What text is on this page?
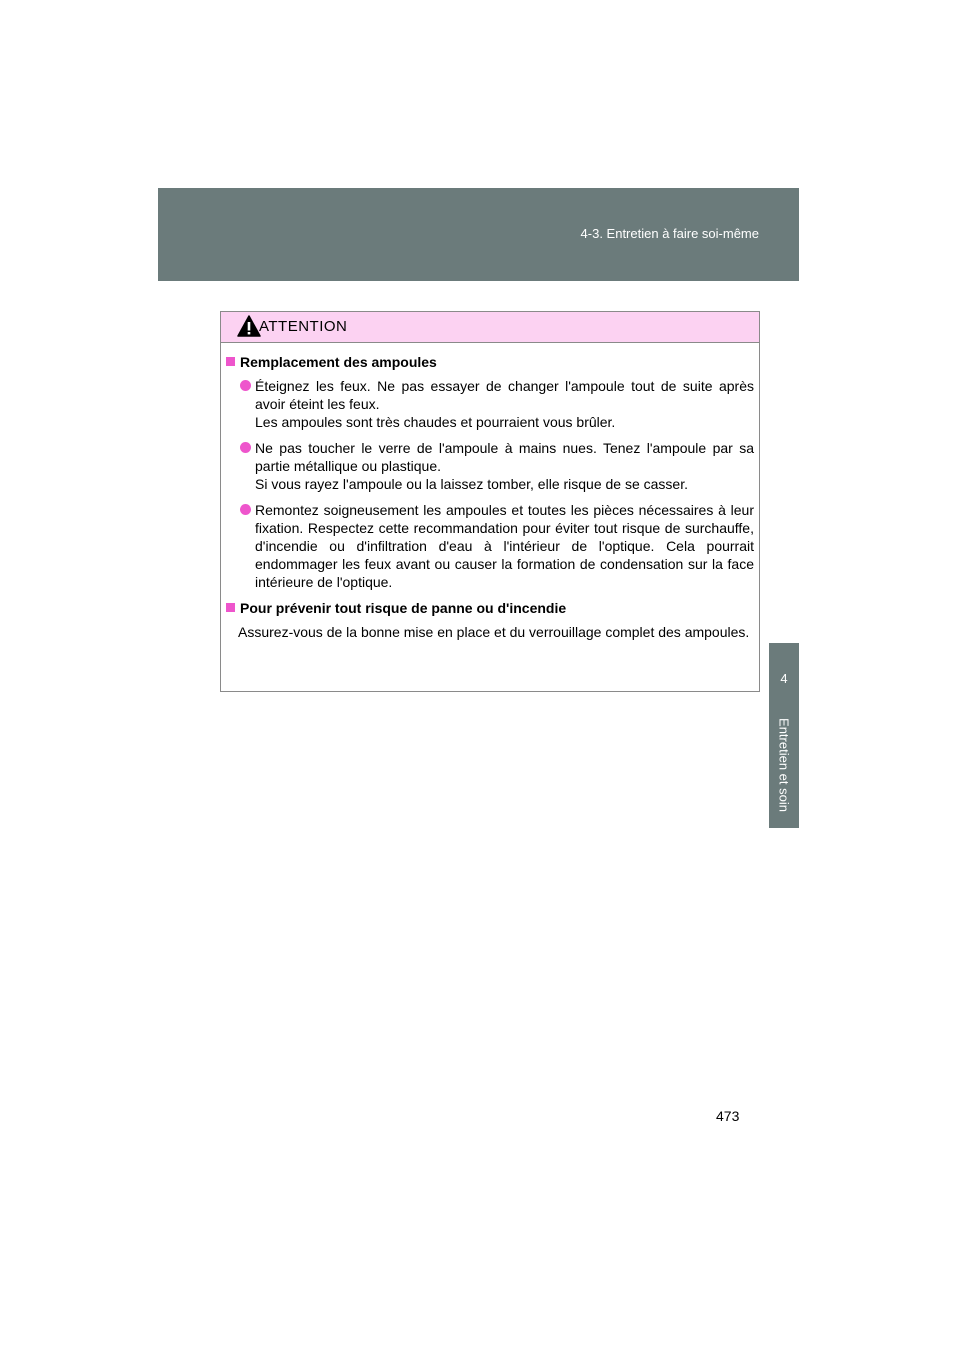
4-3. Entretien à faire soi-même
4
Entretien et soin
ATTENTION
Remplacement des ampoules

Éteignez les feux. Ne pas essayer de changer l'ampoule tout de suite après avoir éteint les feux.

Les ampoules sont très chaudes et pourraient vous brûler.

Ne pas toucher le verre de l'ampoule à mains nues. Tenez l'ampoule par sa partie métallique ou plastique.

Si vous rayez l'ampoule ou la laissez tomber, elle risque de se casser.

Remontez soigneusement les ampoules et toutes les pièces nécessaires à leur fixation. Respectez cette recommandation pour éviter tout risque de surchauffe, d'incendie ou d'infiltration d'eau à l'intérieur de l'optique. Cela pourrait endommager les feux avant ou causer la formation de condensation sur la face intérieure de l'optique.

Pour prévenir tout risque de panne ou d'incendie

Assurez-vous de la bonne mise en place et du verrouillage complet des ampoules.

473
